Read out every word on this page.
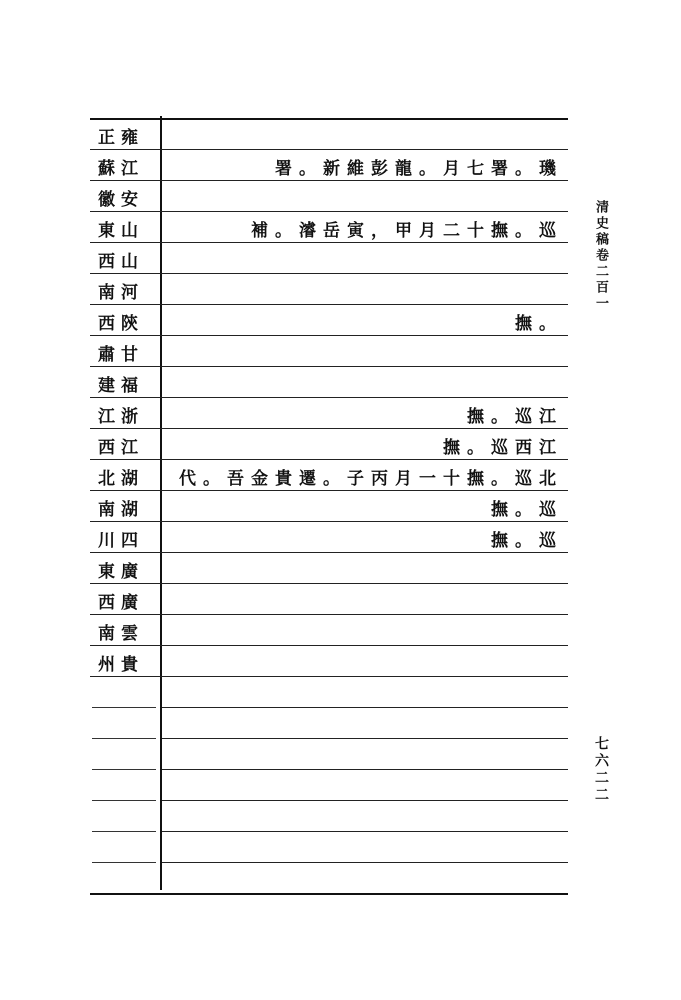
清史稿卷二百一
七六二二
正雍
蘇江	署。新維彭龍。月七署。璣
徽安
東山	補。濬岳寅，甲月二十撫。巡
西山
南河
西陝	撫。
肅甘
建福
江浙	撫。巡江
西江	撫。巡西江
北湖	代。吾金貴遷。子丙月一十撫。巡北
南湖	撫。巡
川四	撫。巡
東廣
西廣
南雲
州貴
